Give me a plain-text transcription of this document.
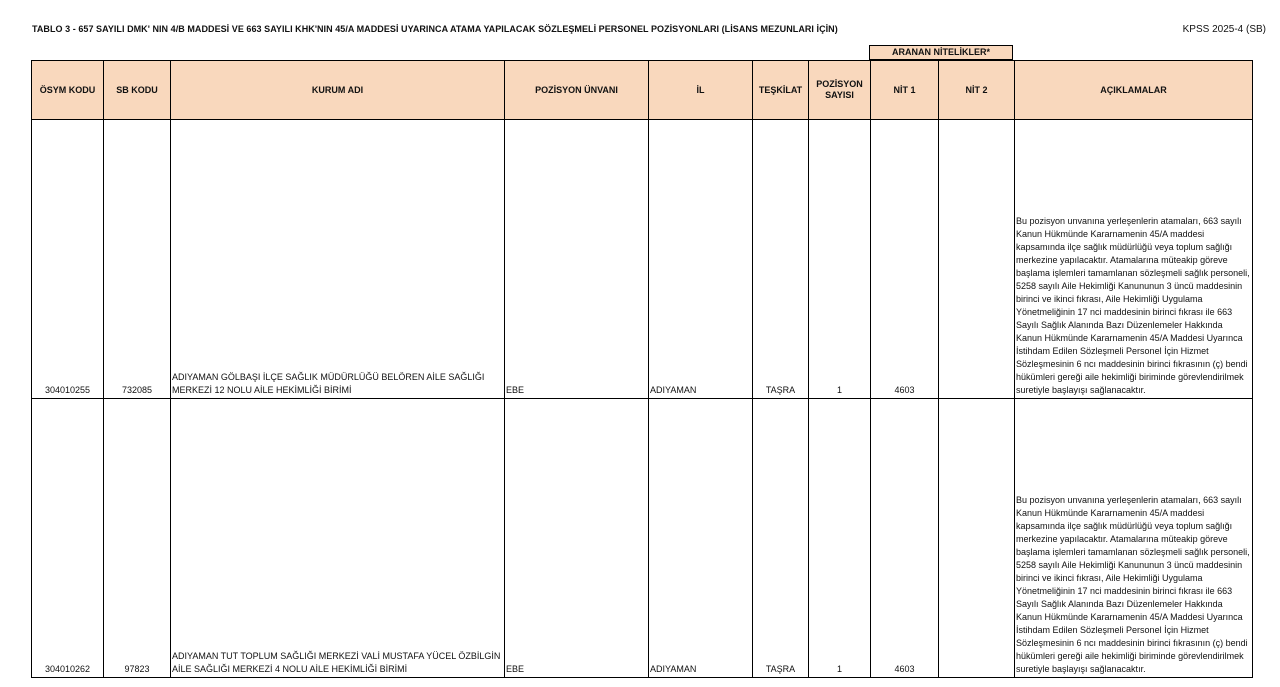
TABLO 3 - 657 SAYILI DMK' NIN 4/B MADDESİ VE 663 SAYILI KHK'NIN 45/A MADDESİ UYARINCA ATAMA YAPILACAK SÖZLEŞMELİ PERSONEL POZİSYONLARI (LİSANS MEZUNLARI İÇİN)	KPSS 2025-4 (SB)
ARANAN NİTELİKLER*
ÖSYM KODU	SB KODU	KURUM ADI	POZİSYON ÜNVANI	İL	TEŞKİLAT	POZİSYON SAYISI	NİT 1	NİT 2	AÇIKLAMALAR
304010255	732085	ADIYAMAN GÖLBAŞI İLÇE SAĞLIK MÜDÜRLÜĞÜ BELÖREN AİLE SAĞLIĞI MERKEZİ 12 NOLU AİLE HEKİMLİĞİ BİRİMİ	EBE	ADIYAMAN	TAŞRA	1	4603		Bu pozisyon unvanına yerleşenlerin atamaları, 663 sayılı Kanun Hükmünde Kararnamenin 45/A maddesi kapsamında ilçe sağlık müdürlüğü veya toplum sağlığı merkezine yapılacaktır. Atamalarına müteakip göreve başlama işlemleri tamamlanan sözleşmeli sağlık personeli, 5258 sayılı Aile Hekimliği Kanununun 3 üncü maddesinin birinci ve ikinci fıkrası, Aile Hekimliği Uygulama Yönetmeliğinin 17 nci maddesinin birinci fıkrası ile 663 Sayılı Sağlık Alanında Bazı Düzenlemeler Hakkında Kanun Hükmünde Kararnamenin 45/A Maddesi Uyarınca İstihdam Edilen Sözleşmeli Personel İçin Hizmet Sözleşmesinin 6 ncı maddesinin birinci fıkrasının (ç) bendi hükümleri gereği aile hekimliği biriminde görevlendirilmek suretiyle başlayışı sağlanacaktır.
304010262	97823	ADIYAMAN TUT TOPLUM SAĞLIĞI MERKEZİ VALİ MUSTAFA YÜCEL ÖZBİLGİN AİLE SAĞLIĞI MERKEZİ 4 NOLU AİLE HEKİMLİĞİ BİRİMİ	EBE	ADIYAMAN	TAŞRA	1	4603		Bu pozisyon unvanına yerleşenlerin atamaları, 663 sayılı Kanun Hükmünde Kararnamenin 45/A maddesi kapsamında ilçe sağlık müdürlüğü veya toplum sağlığı merkezine yapılacaktır. Atamalarına müteakip göreve başlama işlemleri tamamlanan sözleşmeli sağlık personeli, 5258 sayılı Aile Hekimliği Kanununun 3 üncü maddesinin birinci ve ikinci fıkrası, Aile Hekimliği Uygulama Yönetmeliğinin 17 nci maddesinin birinci fıkrası ile 663 Sayılı Sağlık Alanında Bazı Düzenlemeler Hakkında Kanun Hükmünde Kararnamenin 45/A Maddesi Uyarınca İstihdam Edilen Sözleşmeli Personel İçin Hizmet Sözleşmesinin 6 ncı maddesinin birinci fıkrasının (ç) bendi hükümleri gereği aile hekimliği biriminde görevlendirilmek suretiyle başlayışı sağlanacaktır.
